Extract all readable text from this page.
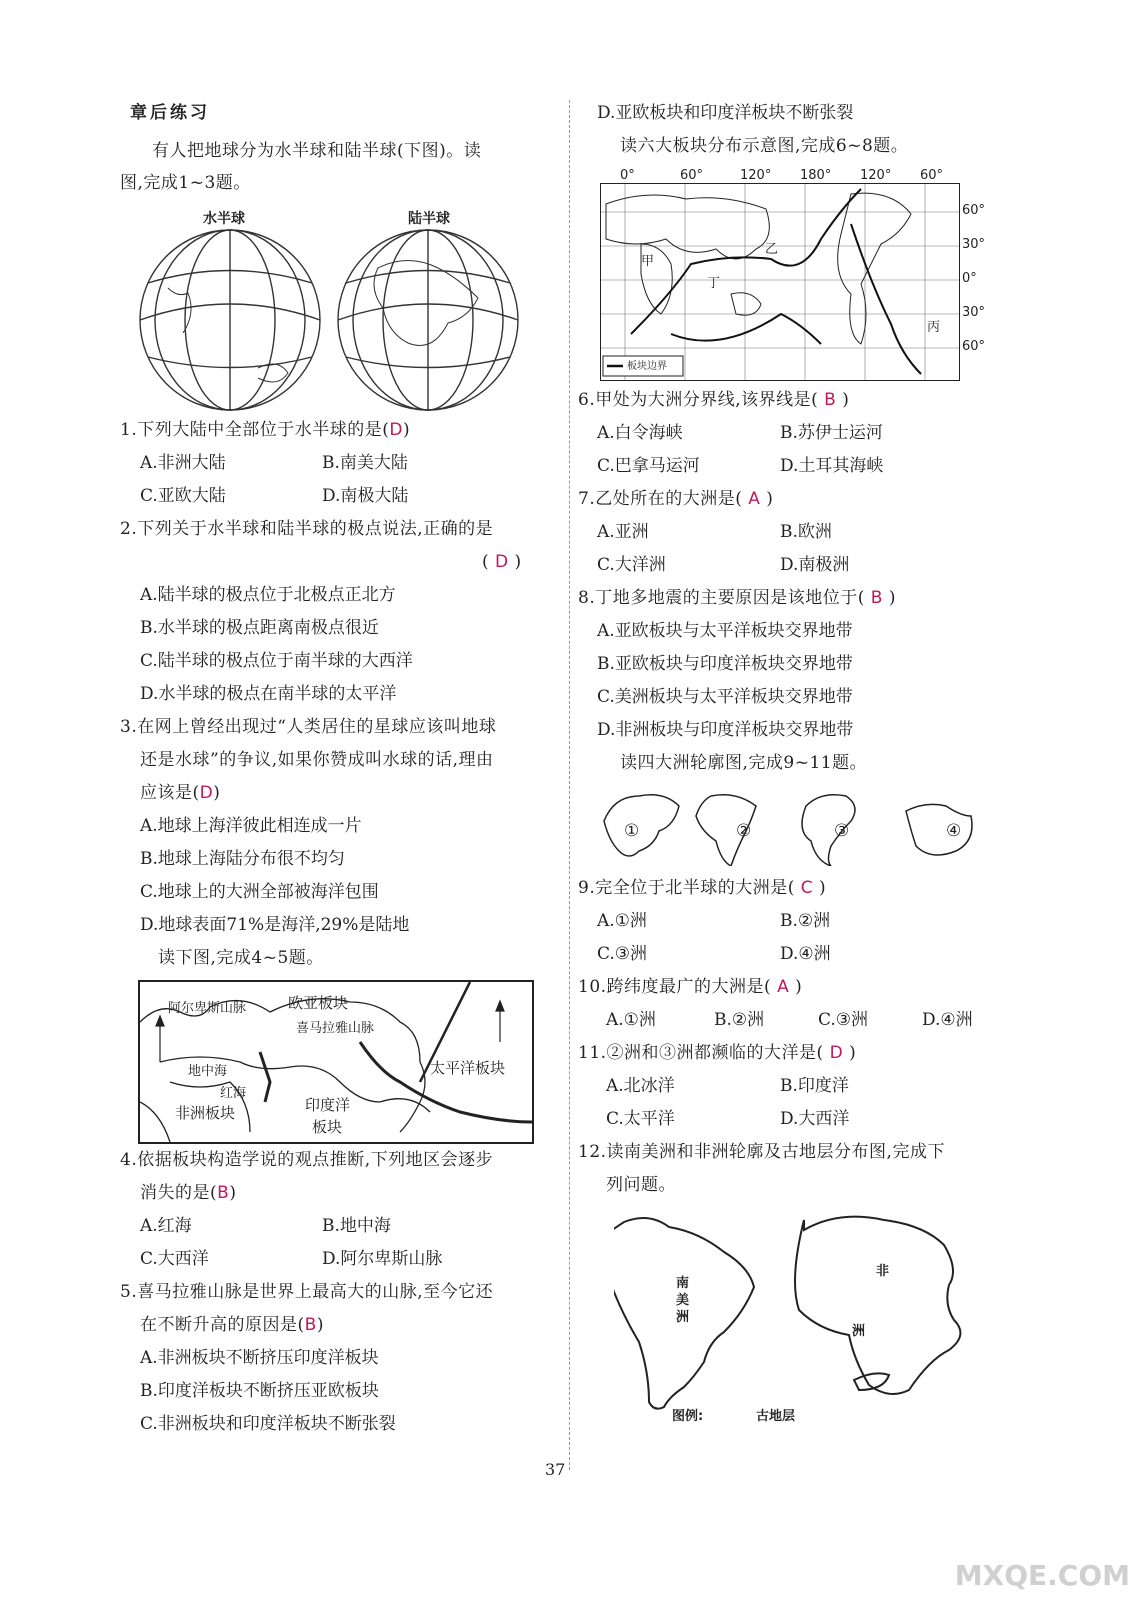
章后练习
有人把地球分为水半球和陆半球(下图)。读
图,完成1~3题。
水半球	陆半球
1.下列大陆中全部位于水半球的是(D)
A.非洲大陆	B.南美大陆
C.亚欧大陆	D.南极大陆
2.下列关于水半球和陆半球的极点说法,正确的是
( D )
A.陆半球的极点位于北极点正北方
B.水半球的极点距离南极点很近
C.陆半球的极点位于南半球的大西洋
D.水半球的极点在南半球的太平洋
3.在网上曾经出现过“人类居住的星球应该叫地球
还是水球”的争议,如果你赞成叫水球的话,理由
应该是(D)
A.地球上海洋彼此相连成一片
B.地球上海陆分布很不均匀
C.地球上的大洲全部被海洋包围
D.地球表面71%是海洋,29%是陆地
读下图,完成4~5题。
阿尔卑斯山脉	欧亚板块
喜马拉雅山脉
地中海
红海
非洲板块	印度洋
板块
太平洋板块
4.依据板块构造学说的观点推断,下列地区会逐步
消失的是(B)
A.红海	B.地中海
C.大西洋	D.阿尔卑斯山脉
5.喜马拉雅山脉是世界上最高大的山脉,至今它还
在不断升高的原因是(B)
A.非洲板块不断挤压印度洋板块
B.印度洋板块不断挤压亚欧板块
C.非洲板块和印度洋板块不断张裂
D.亚欧板块和印度洋板块不断张裂
读六大板块分布示意图,完成6~8题。
0°	60°	120° 180° 120° 60°
甲
乙
丁
丙
板块边界
60°
30°
0°
30°
60°
6.甲处为大洲分界线,该界线是( B )
A.白令海峡	B.苏伊士运河
C.巴拿马运河	D.土耳其海峡
7.乙处所在的大洲是( A )
A.亚洲	B.欧洲
C.大洋洲	D.南极洲
8.丁地多地震的主要原因是该地位于( B )
A.亚欧板块与太平洋板块交界地带
B.亚欧板块与印度洋板块交界地带
C.美洲板块与太平洋板块交界地带
D.非洲板块与印度洋板块交界地带
读四大洲轮廓图,完成9~11题。
①	②	③	④
9.完全位于北半球的大洲是( C )
A.①洲	B.②洲
C.③洲	D.④洲
10.跨纬度最广的大洲是( A )
A.①洲	B.②洲	C.③洲	D.④洲
11.②洲和③洲都濒临的大洋是( D )
A.北冰洋	B.印度洋
C.太平洋	D.大西洋
12.读南美洲和非洲轮廓及古地层分布图,完成下
列问题。
南
美
洲
非
洲
图例:	古地层
37
MXQE.COM
